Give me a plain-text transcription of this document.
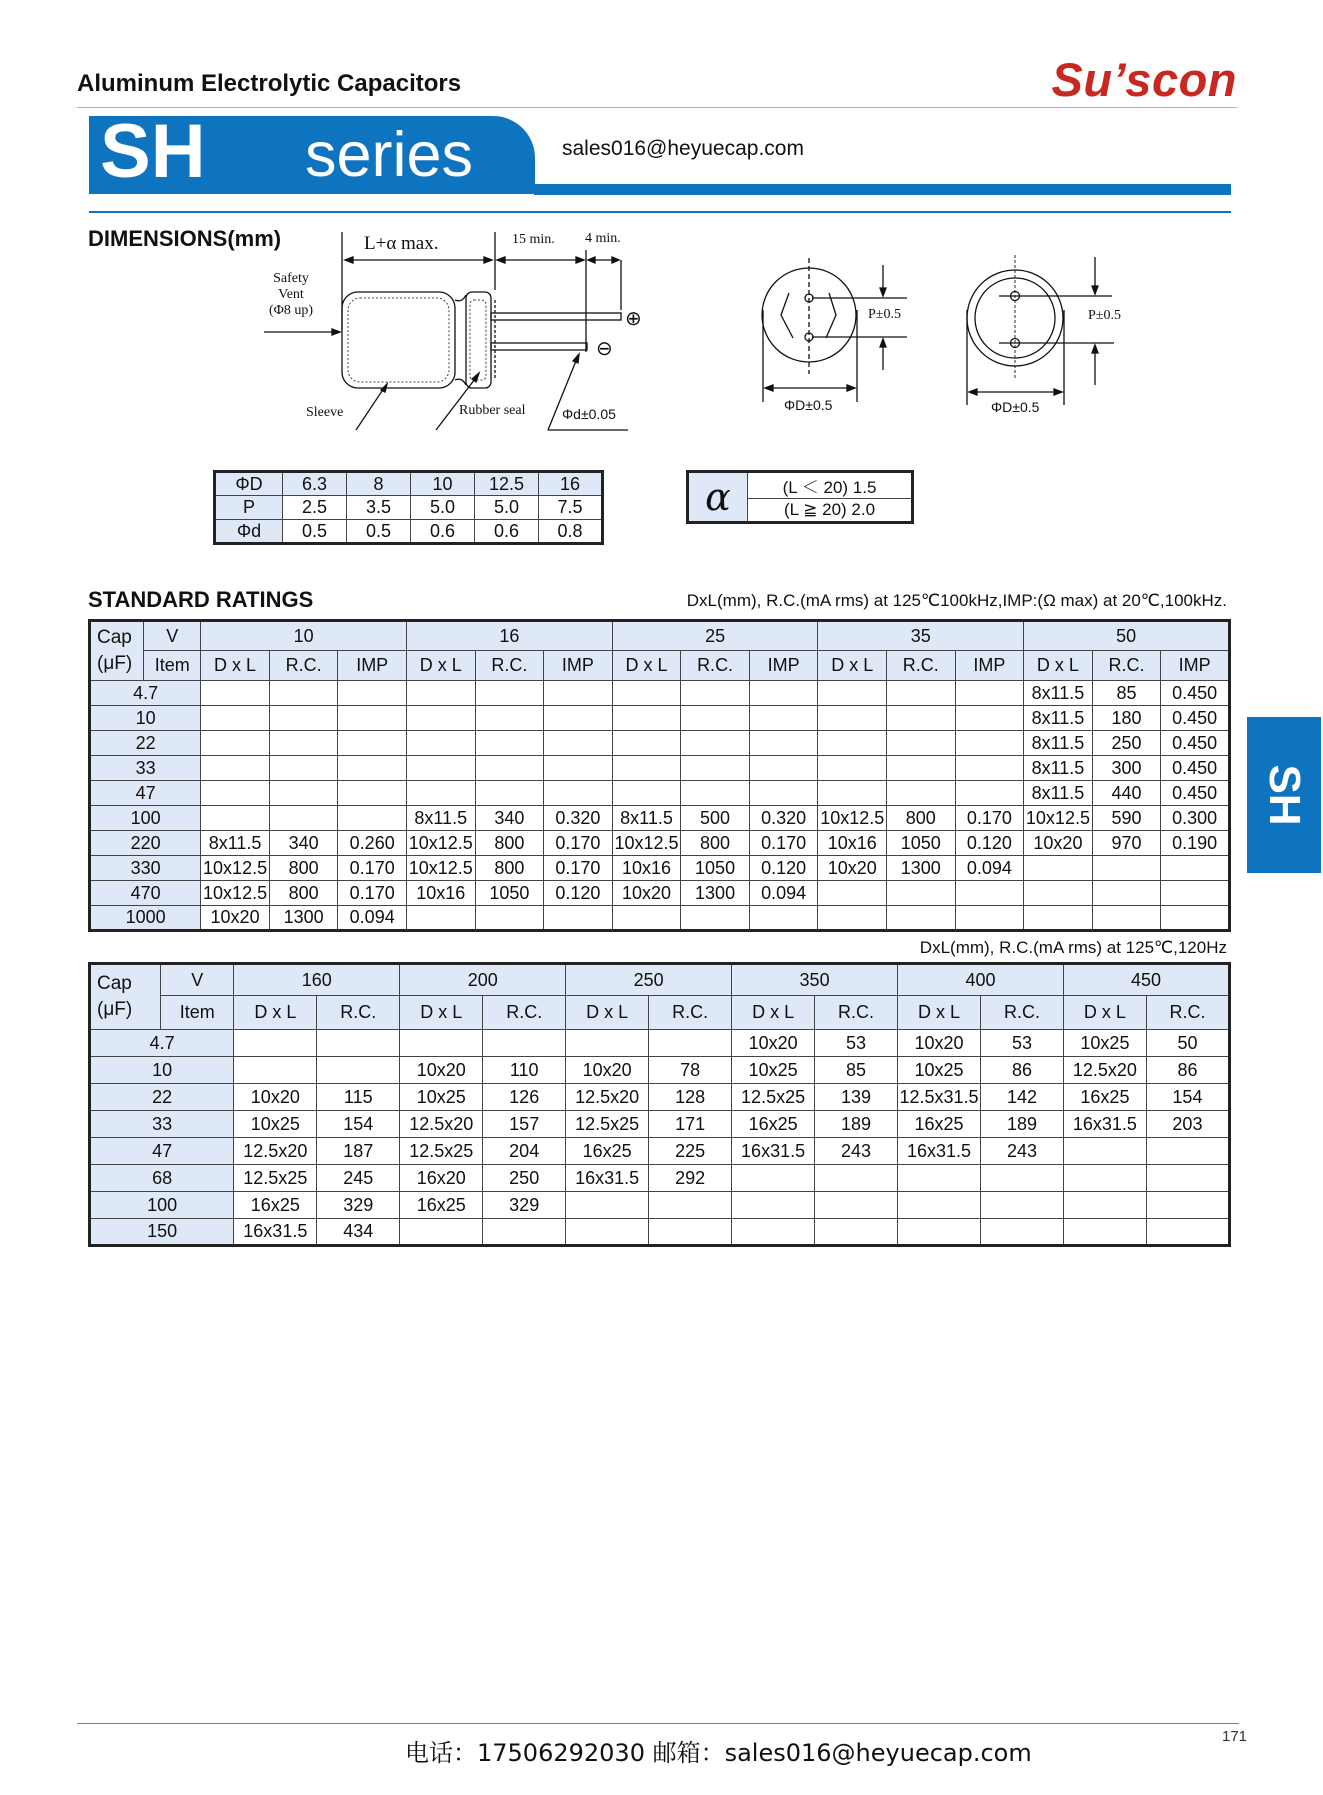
Aluminum Electrolytic Capacitors	Su’scon
SH series	sales016@heyuecap.com
DIMENSIONS(mm)	L+α max.	15 min. 4 min.
Safety
Vent
(Φ8 up)
Sleeve	Rubber seal	Φd±0.05
⊕
⊖
P±0.5	P±0.5
ΦD±0.5	ΦD±0.5
ΦD	6.3	8	10	12.5	16
P	2.5	3.5	5.0	5.0	7.5
Φd	0.5	0.5	0.6	0.6	0.8
α	(L ＜ 20) 1.5
(L ≧ 20) 2.0
STANDARD RATINGS	DxL(mm), R.C.(mA rms) at 125℃100kHz,IMP:(Ω max) at 20℃,100kHz.
Cap
(μF)	V	10			16			25			35			50		
	Item	D x L	R.C.	IMP	D x L	R.C.	IMP	D x L	R.C.	IMP	D x L	R.C.	IMP	D x L	R.C.	IMP
4.7														8x11.5	85	0.450
10														8x11.5	180	0.450
22														8x11.5	250	0.450
33														8x11.5	300	0.450
47														8x11.5	440	0.450
100					8x11.5	340	0.320	8x11.5	500	0.320	10x12.5	800	0.170	10x12.5	590	0.300
220		8x11.5	340	0.260	10x12.5	800	0.170	10x12.5	800	0.170	10x16	1050	0.120	10x20	970	0.190
330		10x12.5	800	0.170	10x12.5	800	0.170	10x16	1050	0.120	10x20	1300	0.094			
470		10x12.5	800	0.170	10x16	1050	0.120	10x20	1300	0.094						
1000		10x20	1300	0.094												
DxL(mm), R.C.(mA rms) at 125℃,120Hz
Cap
(μF)	V	160		200		250		350		400		450	
	Item	D x L	R.C.	D x L	R.C.	D x L	R.C.	D x L	R.C.	D x L	R.C.	D x L	R.C.
4.7								10x20	53	10x20	53	10x25	50
10				10x20	110	10x20	78	10x25	85	10x25	86	12.5x20	86
22		10x20	115	10x25	126	12.5x20	128	12.5x25	139	12.5x31.5	142	16x25	154
33		10x25	154	12.5x20	157	12.5x25	171	16x25	189	16x25	189	16x31.5	203
47		12.5x20	187	12.5x25	204	16x25	225	16x31.5	243	16x31.5	243		
68		12.5x25	245	16x20	250	16x31.5	292						
100		16x25	329	16x25	329								
150		16x31.5	434										
SH
电话：17506292030 邮箱：sales016@heyuecap.com
171
